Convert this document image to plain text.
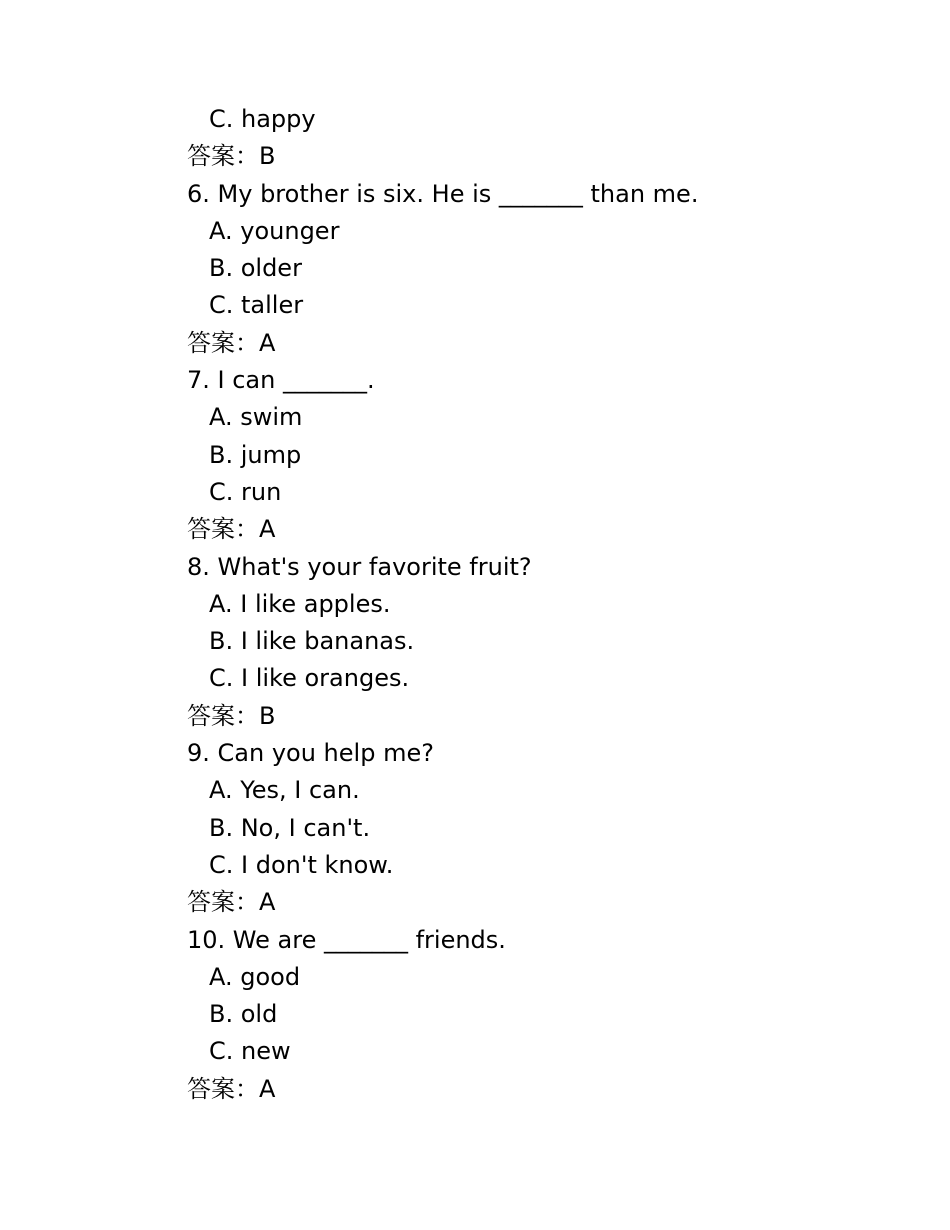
C. happy
答案：B
6. My brother is six. He is _______ than me.
A. younger
B. older
C. taller
答案：A
7. I can _______.
A. swim
B. jump
C. run
答案：A
8. What's your favorite fruit?
A. I like apples.
B. I like bananas.
C. I like oranges.
答案：B
9. Can you help me?
A. Yes, I can.
B. No, I can't.
C. I don't know.
答案：A
10. We are _______ friends.
A. good
B. old
C. new
答案：A
